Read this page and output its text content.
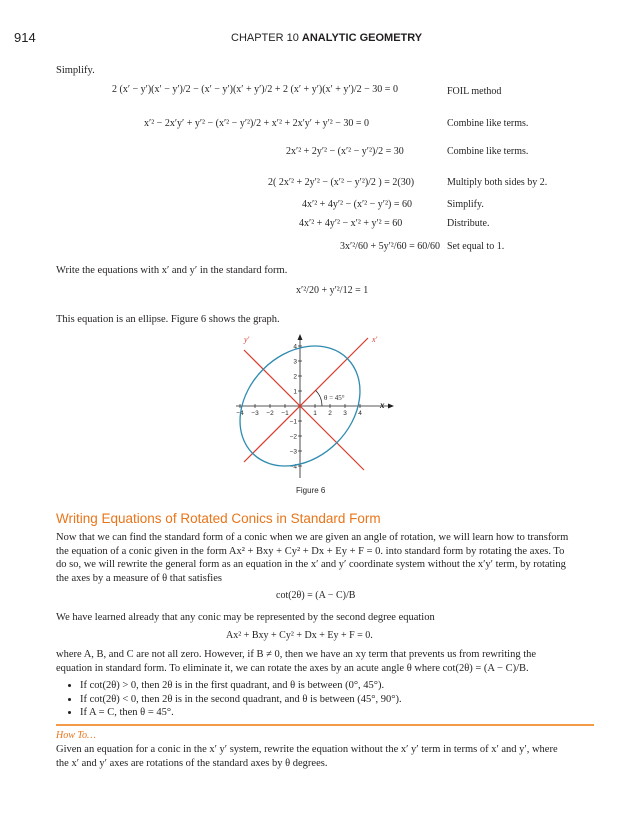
914	CHAPTER 10 ANALYTIC GEOMETRY
Simplify.
2 (x′ − y′)(x′ − y′)/2 − (x′ − y′)(x′ + y′)/2 + 2 (x′ + y′)(x′ + y′)/2 − 30 = 0	FOIL method
x′² − 2x′y′ + y′² − (x′² − y′²)/2 + x′² + 2x′y′ + y′² − 30 = 0	Combine like terms.
2x′² + 2y′² − (x′² − y′²)/2 = 30	Combine like terms.
2( 2x′² + 2y′² − (x′² − y′²)/2 ) = 2(30)	Multiply both sides by 2.
4x′² + 4y′² − (x′² − y′²) = 60	Simplify.
4x′² + 4y′² − x′² + y′² = 60	Distribute.
3x′²/60 + 5y′²/60 = 60/60 Set equal to 1.
Write the equations with x′ and y′ in the standard form.
x′²/20 + y′²/12 = 1
This equation is an ellipse. Figure 6 shows the graph.
−4 −3 −2 −1	1 2 3 4
4
3
2
1
−1
−2
−3
−4
θ = 45°
x
x′
y′
Figure 6
Writing Equations of Rotated Conics in Standard Form
Now that we can find the standard form of a conic when we are given an angle of rotation, we will learn how to transform the equation of a conic given in the form Ax² + Bxy + Cy² + Dx + Ey + F = 0. into standard form by rotating the axes. To do so, we will rewrite the general form as an equation in the x′ and y′ coordinate system without the x′y′ term, by rotating the axes by a measure of θ that satisfies
cot(2θ) = (A − C)/B
We have learned already that any conic may be represented by the second degree equation
Ax² + Bxy + Cy² + Dx + Ey + F = 0.
where A, B, and C are not all zero. However, if B ≠ 0, then we have an xy term that prevents us from rewriting the equation in standard form. To eliminate it, we can rotate the axes by an acute angle θ where cot(2θ) = (A − C)/B.
• If cot(2θ) > 0, then 2θ is in the first quadrant, and θ is between (0°, 45°).
• If cot(2θ) < 0, then 2θ is in the second quadrant, and θ is between (45°, 90°).
• If A = C, then θ = 45°.
How To…
Given an equation for a conic in the x′ y′ system, rewrite the equation without the x′ y′ term in terms of x′ and y′, where the x′ and y′ axes are rotations of the standard axes by θ degrees.
